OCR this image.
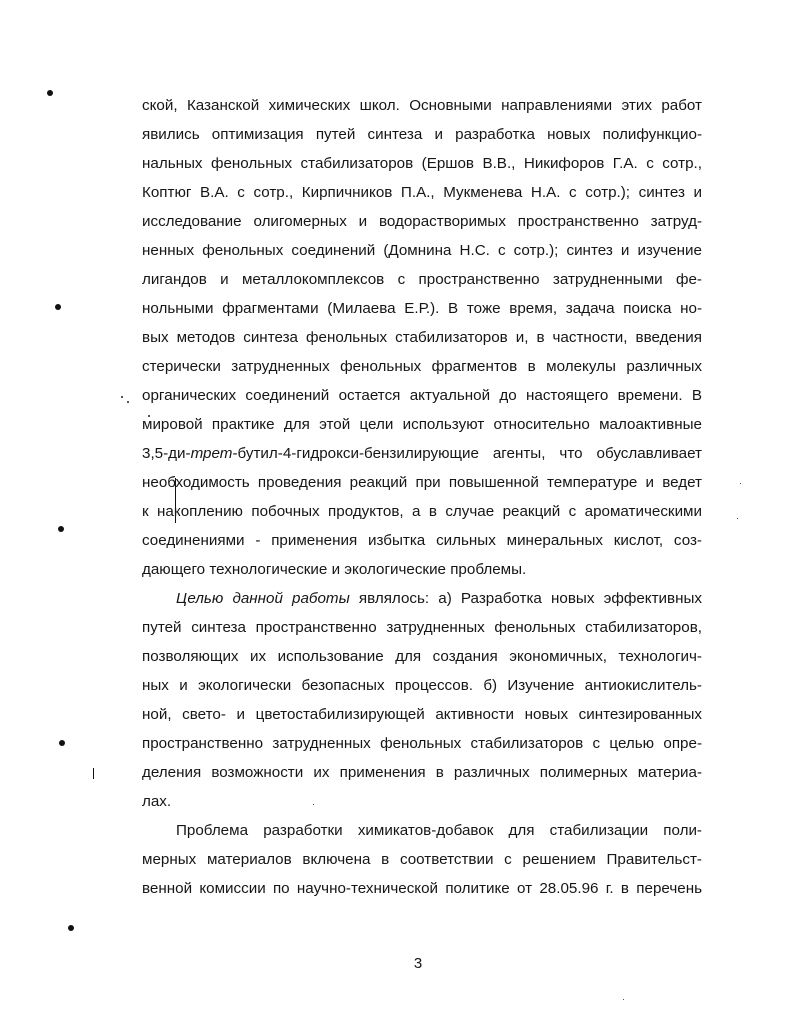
ской, Казанской химических школ. Основными направлениями этих работ
явились оптимизация путей синтеза и разработка новых полифункцио-
нальных фенольных стабилизаторов (Ершов В.В., Никифоров Г.А. с сотр.,
Коптюг В.А. с сотр., Кирпичников П.А., Мукменева Н.А. с сотр.); синтез и
исследование олигомерных и водорастворимых пространственно затруд-
ненных фенольных соединений (Домнина Н.С. с сотр.); синтез и изучение
лигандов и металлокомплексов с пространственно затрудненными фе-
нольными фрагментами (Милаева Е.Р.). В тоже время, задача поиска но-
вых методов синтеза фенольных стабилизаторов и, в частности, введения
стерически затрудненных фенольных фрагментов в молекулы различных
органических соединений остается актуальной до настоящего времени. В
мировой практике для этой цели используют относительно малоактивные
3,5-ди-трет-бутил-4-гидрокси-бензилирующие агенты, что обуславливает
необходимость проведения реакций при повышенной температуре и ведет
к накоплению побочных продуктов, а в случае реакций с ароматическими
соединениями - применения избытка сильных минеральных кислот, соз-
дающего технологические и экологические проблемы.
Целью данной работы являлось: а) Разработка новых эффективных
путей синтеза пространственно затрудненных фенольных стабилизаторов,
позволяющих их использование для создания экономичных, технологич-
ных и экологически безопасных процессов. б) Изучение антиокислитель-
ной, свето- и цветостабилизирующей активности новых синтезированных
пространственно затрудненных фенольных стабилизаторов с целью опре-
деления возможности их применения в различных полимерных материа-
лах.
Проблема разработки химикатов-добавок для стабилизации поли-
мерных материалов включена в соответствии с решением Правительст-
венной комиссии по научно-технической политике от 28.05.96 г. в перечень
3
